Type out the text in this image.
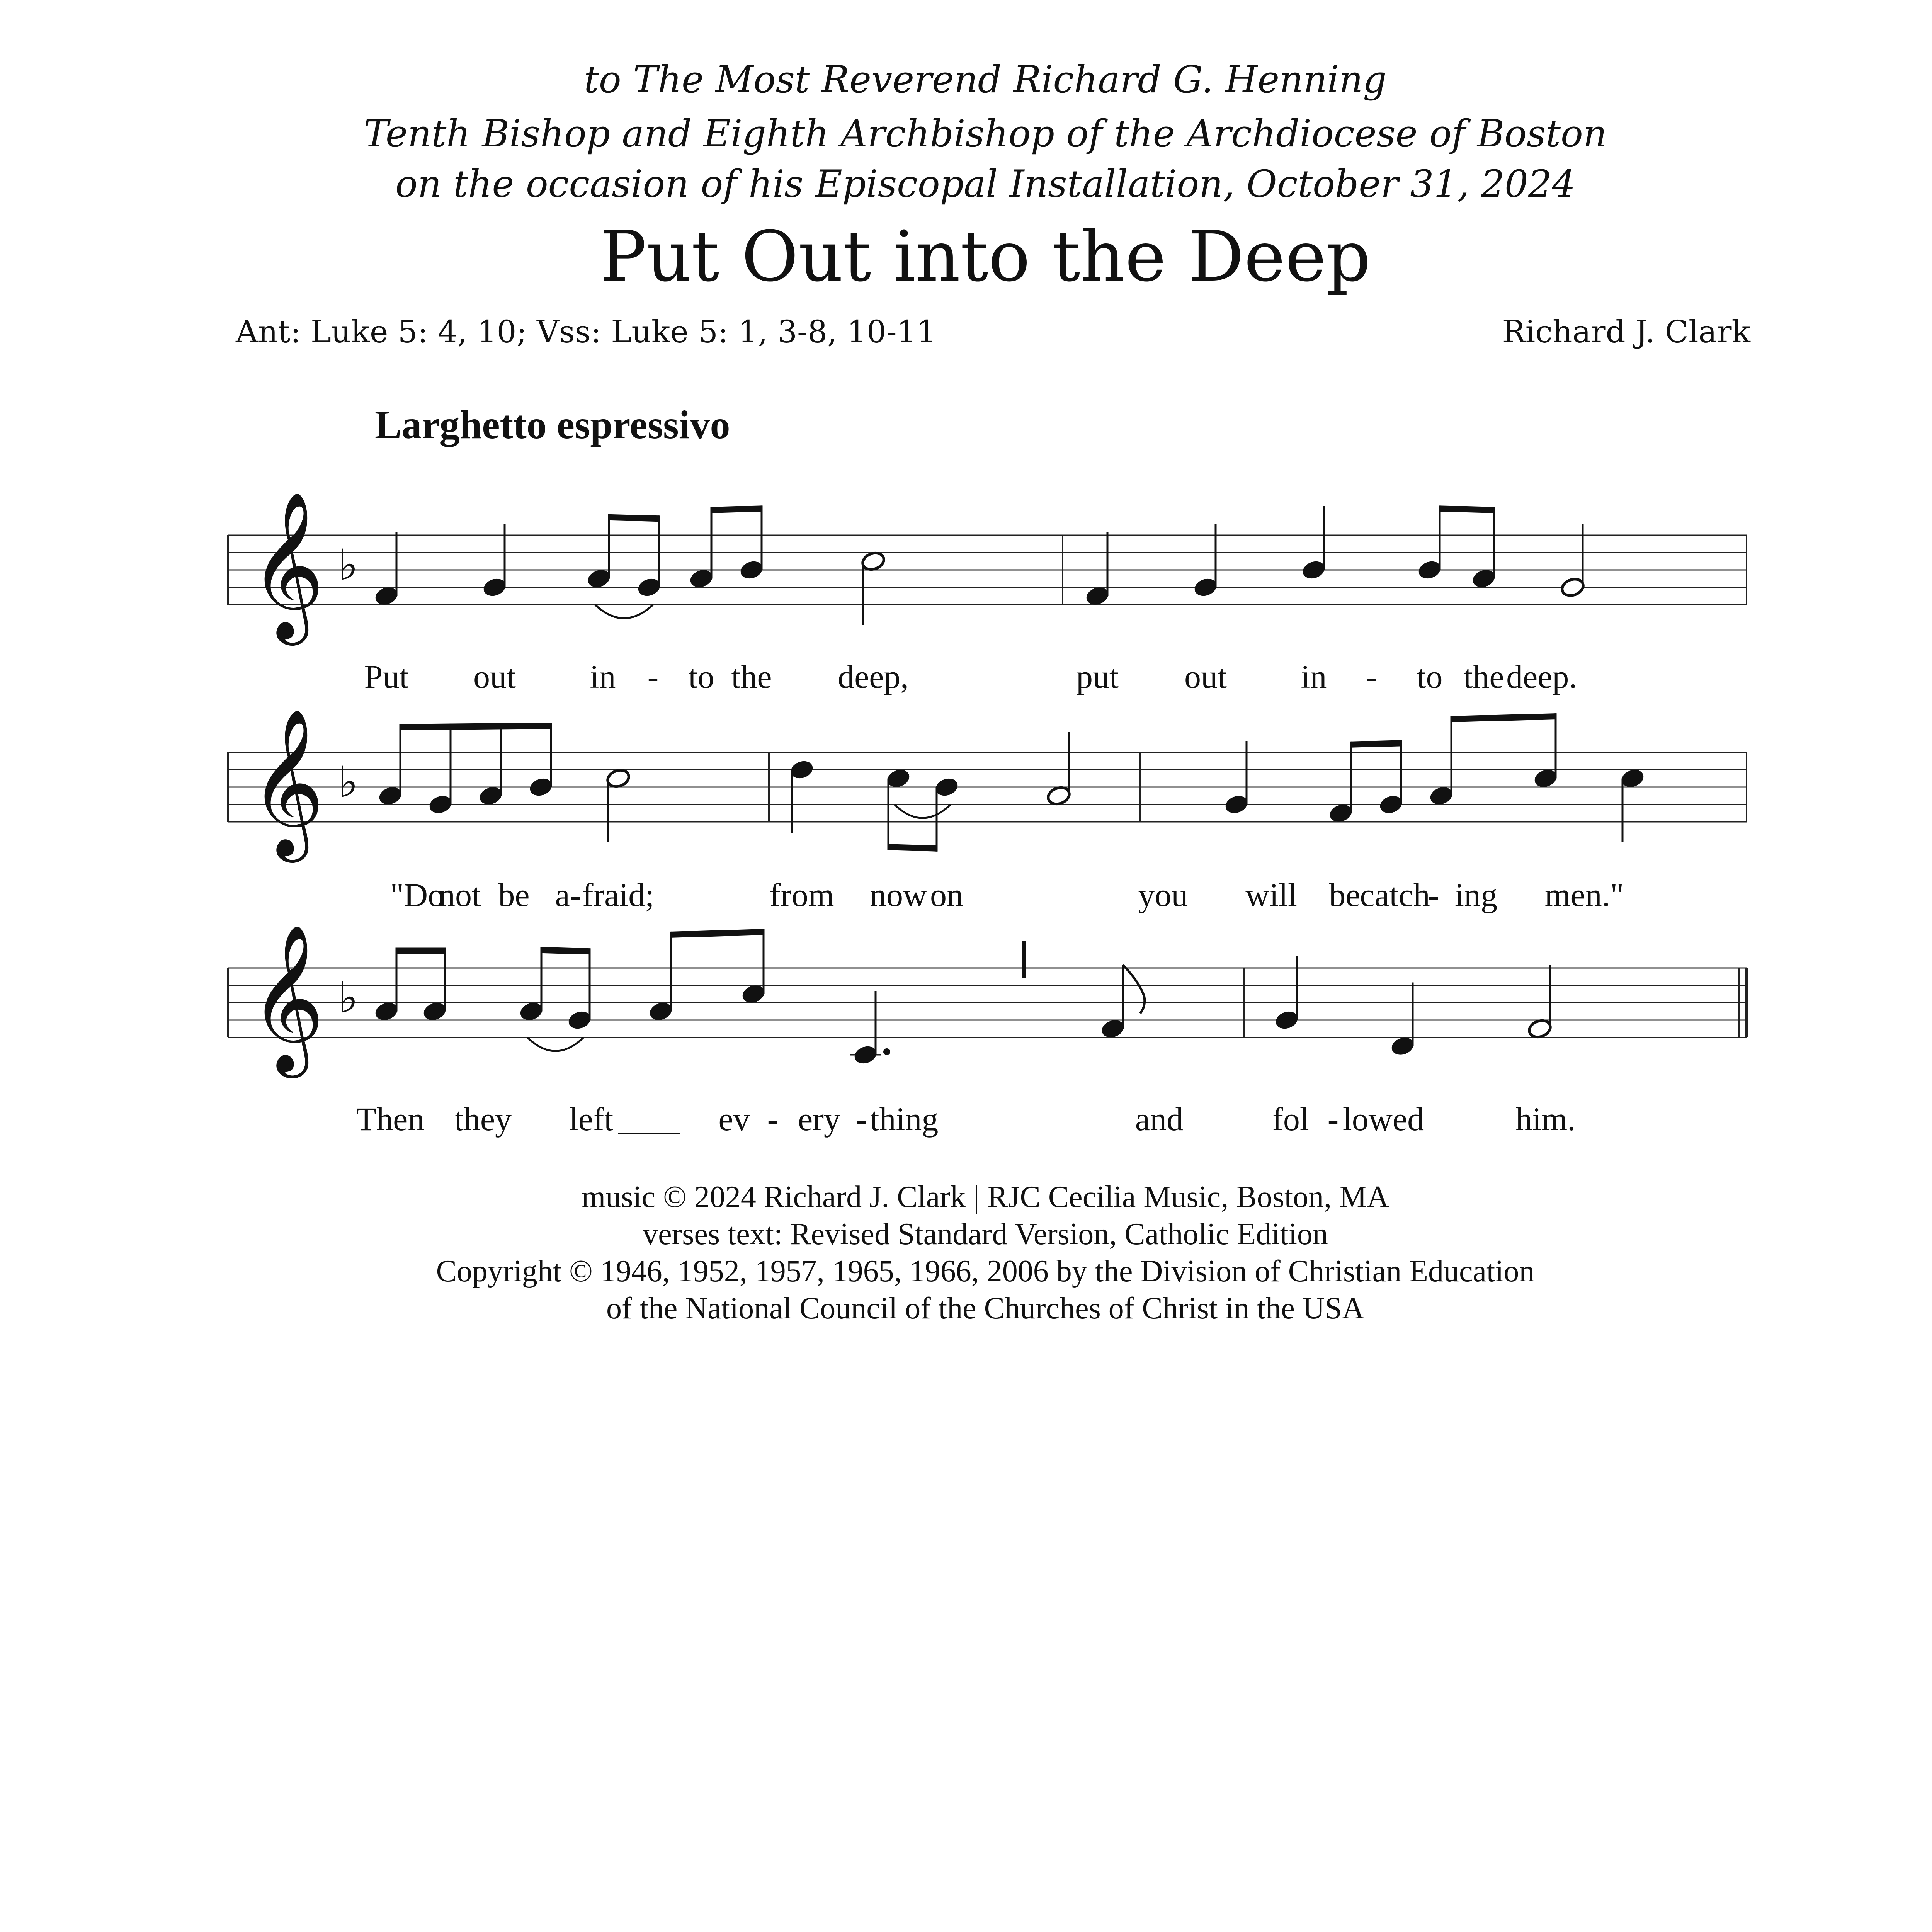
to The Most Reverend Richard G. Henning
Tenth Bishop and Eighth Archbishop of the Archdiocese of Boston
on the occasion of his Episcopal Installation, October 31, 2024
Put Out into the Deep
Ant: Luke 5: 4, 10; Vss: Luke 5: 1, 3-8, 10-11	Richard J. Clark
Larghetto espressivo
𝄞 ♭
Put out in - to the deep,	put out in - to the deep.
𝄞 ♭
"Do
not be a- fraid;	from now on	you will be
catch
- ing men."
𝄞 ♭
Then they left	ev - ery - thing	and	fol - lowed	him.
music © 2024 Richard J. Clark | RJC Cecilia Music, Boston, MA
verses text: Revised Standard Version, Catholic Edition
Copyright © 1946, 1952, 1957, 1965, 1966, 2006 by the Division of Christian Education
of the National Council of the Churches of Christ in the USA
